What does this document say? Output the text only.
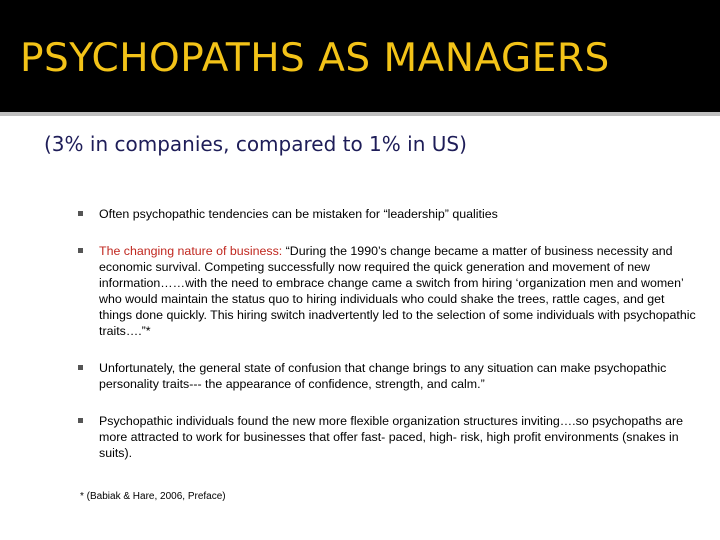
PSYCHOPATHS AS MANAGERS
(3% in companies, compared to 1% in US)
Often psychopathic tendencies can be mistaken for “leadership” qualities
The changing nature of business: “During the 1990’s change became a matter of business necessity and economic survival. Competing successfully now required the quick generation and movement of new information……with the need to embrace change came a switch from hiring ‘organization men and women’ who would maintain the status quo to hiring individuals who could shake the trees, rattle cages, and get things done quickly. This hiring switch inadvertently led to the selection of some individuals with psychopathic traits….”*
Unfortunately, the general state of confusion that change brings to any situation can make psychopathic personality traits--- the appearance of confidence, strength, and calm.”
Psychopathic individuals found the new more flexible organization structures inviting….so psychopaths are more attracted to work for businesses that offer fast- paced, high- risk, high profit environments (snakes in suits).
* (Babiak & Hare, 2006, Preface)
